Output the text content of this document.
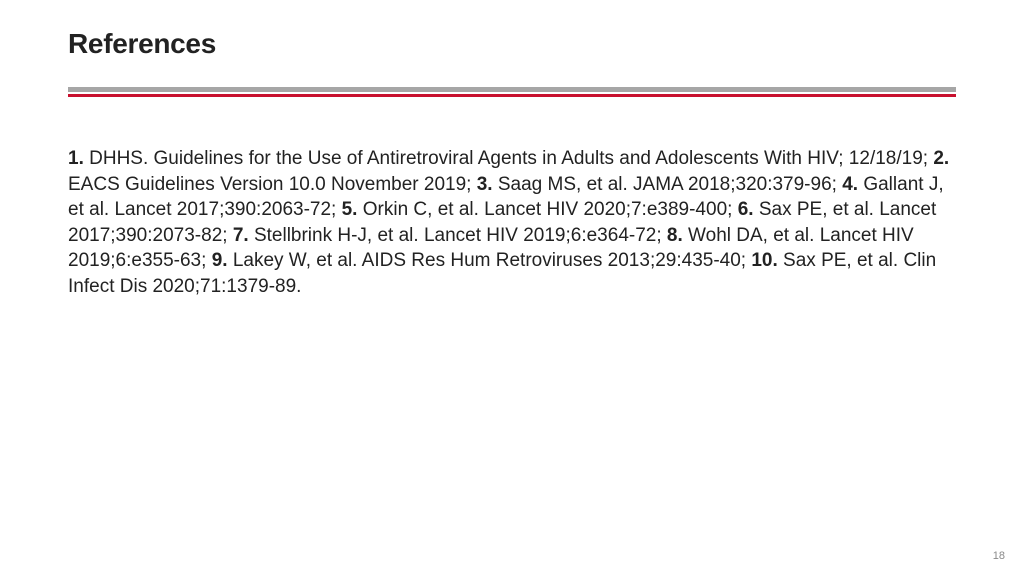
References

1. DHHS. Guidelines for the Use of Antiretroviral Agents in Adults and Adolescents With HIV; 12/18/19; 2. EACS Guidelines Version 10.0 November 2019; 3. Saag MS, et al. JAMA 2018;320:379-96; 4. Gallant J, et al. Lancet 2017;390:2063-72; 5. Orkin C, et al. Lancet HIV 2020;7:e389-400; 6. Sax PE, et al. Lancet 2017;390:2073-82; 7. Stellbrink H-J, et al. Lancet HIV 2019;6:e364-72; 8. Wohl DA, et al. Lancet HIV 2019;6:e355-63; 9. Lakey W, et al. AIDS Res Hum Retroviruses 2013;29:435-40; 10. Sax PE, et al. Clin Infect Dis 2020;71:1379-89.

18
